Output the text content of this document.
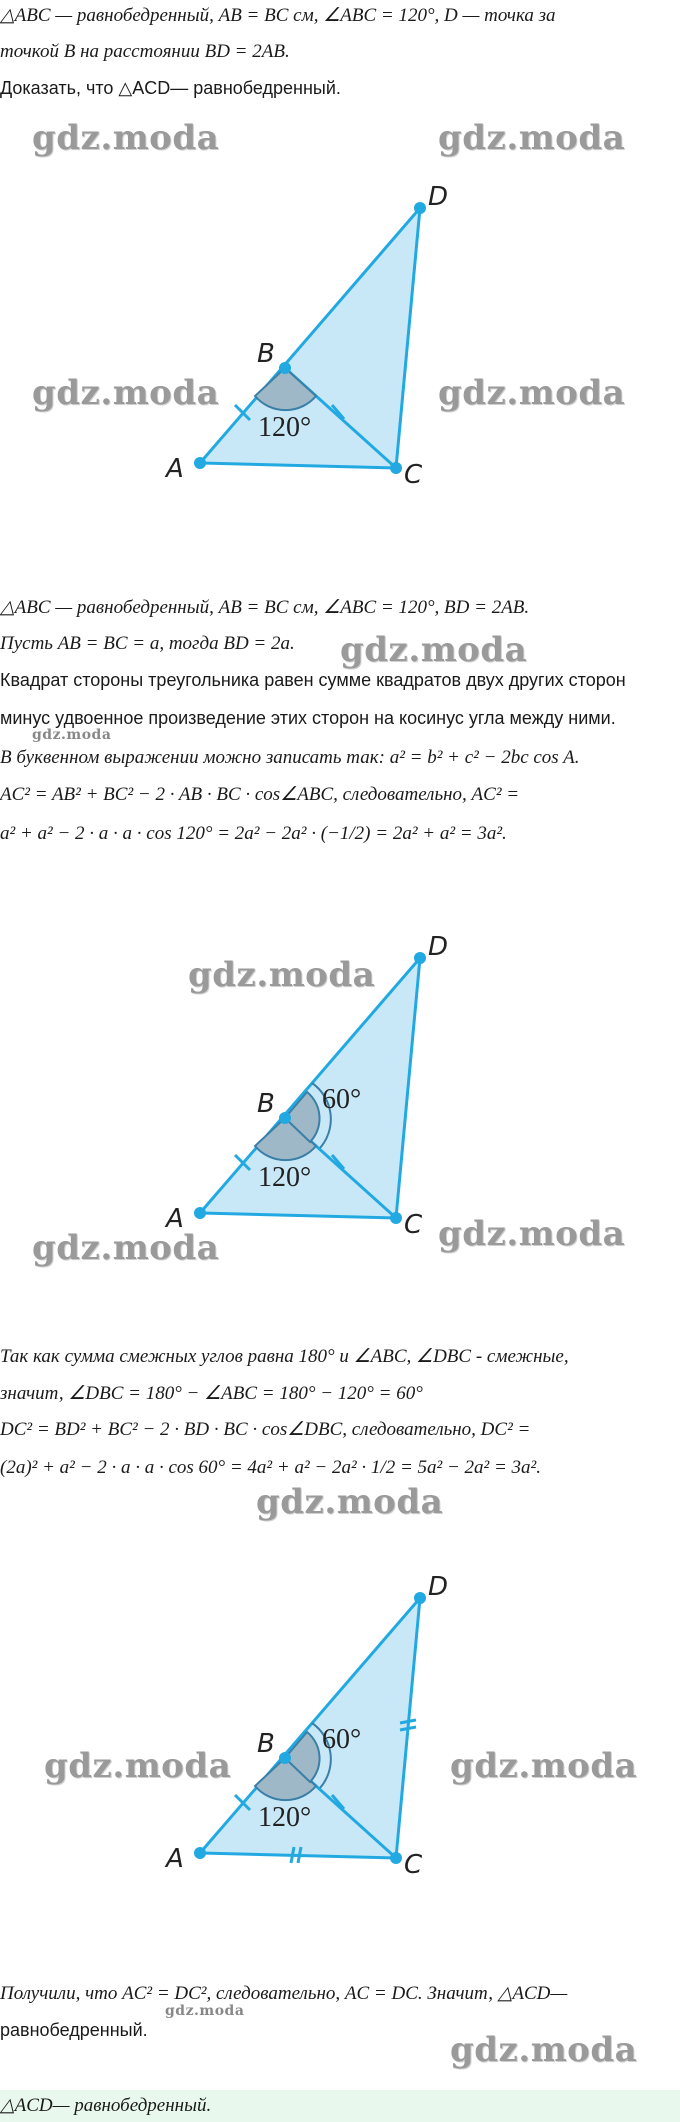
△ABC — равнобедренный, AB = BC см, ∠ABC = 120°, D — точка за
точкой B на расстоянии BD = 2AB.
Доказать, что △ACD— равнобедренный.
A
B
C
D
120°
gdz.moda	gdz.moda
gdz.moda	gdz.moda
△ABC — равнобедренный, AB = BC см, ∠ABC = 120°, BD = 2AB.
Пусть AB = BC = a, тогда BD = 2a. gdz.moda
Квадрат стороны треугольника равен сумме квадратов двух других сторон
минус удвоенное произведение этих сторон на косинус угла между ними.
gdz.moda
В буквенном выражении можно записать так: a² = b² + c² − 2bc cos A.
AC² = AB² + BC² − 2 · AB · BC · cos∠ABC, следовательно, AC² =
a² + a² − 2 · a · a · cos 120° = 2a² − 2a² · (−1/2) = 2a² + a² = 3a².
A
B
C
D
120°
60°
gdz.moda
gdz.moda	gdz.moda
Так как сумма смежных углов равна 180° и ∠ABC, ∠DBC - смежные,
значит, ∠DBC = 180° − ∠ABC = 180° − 120° = 60°
DC² = BD² + BC² − 2 · BD · BC · cos∠DBC, следовательно, DC² =
(2a)² + a² − 2 · a · a · cos 60° = 4a² + a² − 2a² · 1/2 = 5a² − 2a² = 3a².
gdz.moda
A
B
C
D
120°
60°
gdz.moda	gdz.moda
Получили, что AC² = DC², следовательно, AC = DC. Значит, △ACD—
gdz.moda
равнобедренный.	gdz.moda
△ACD— равнобедренный.
